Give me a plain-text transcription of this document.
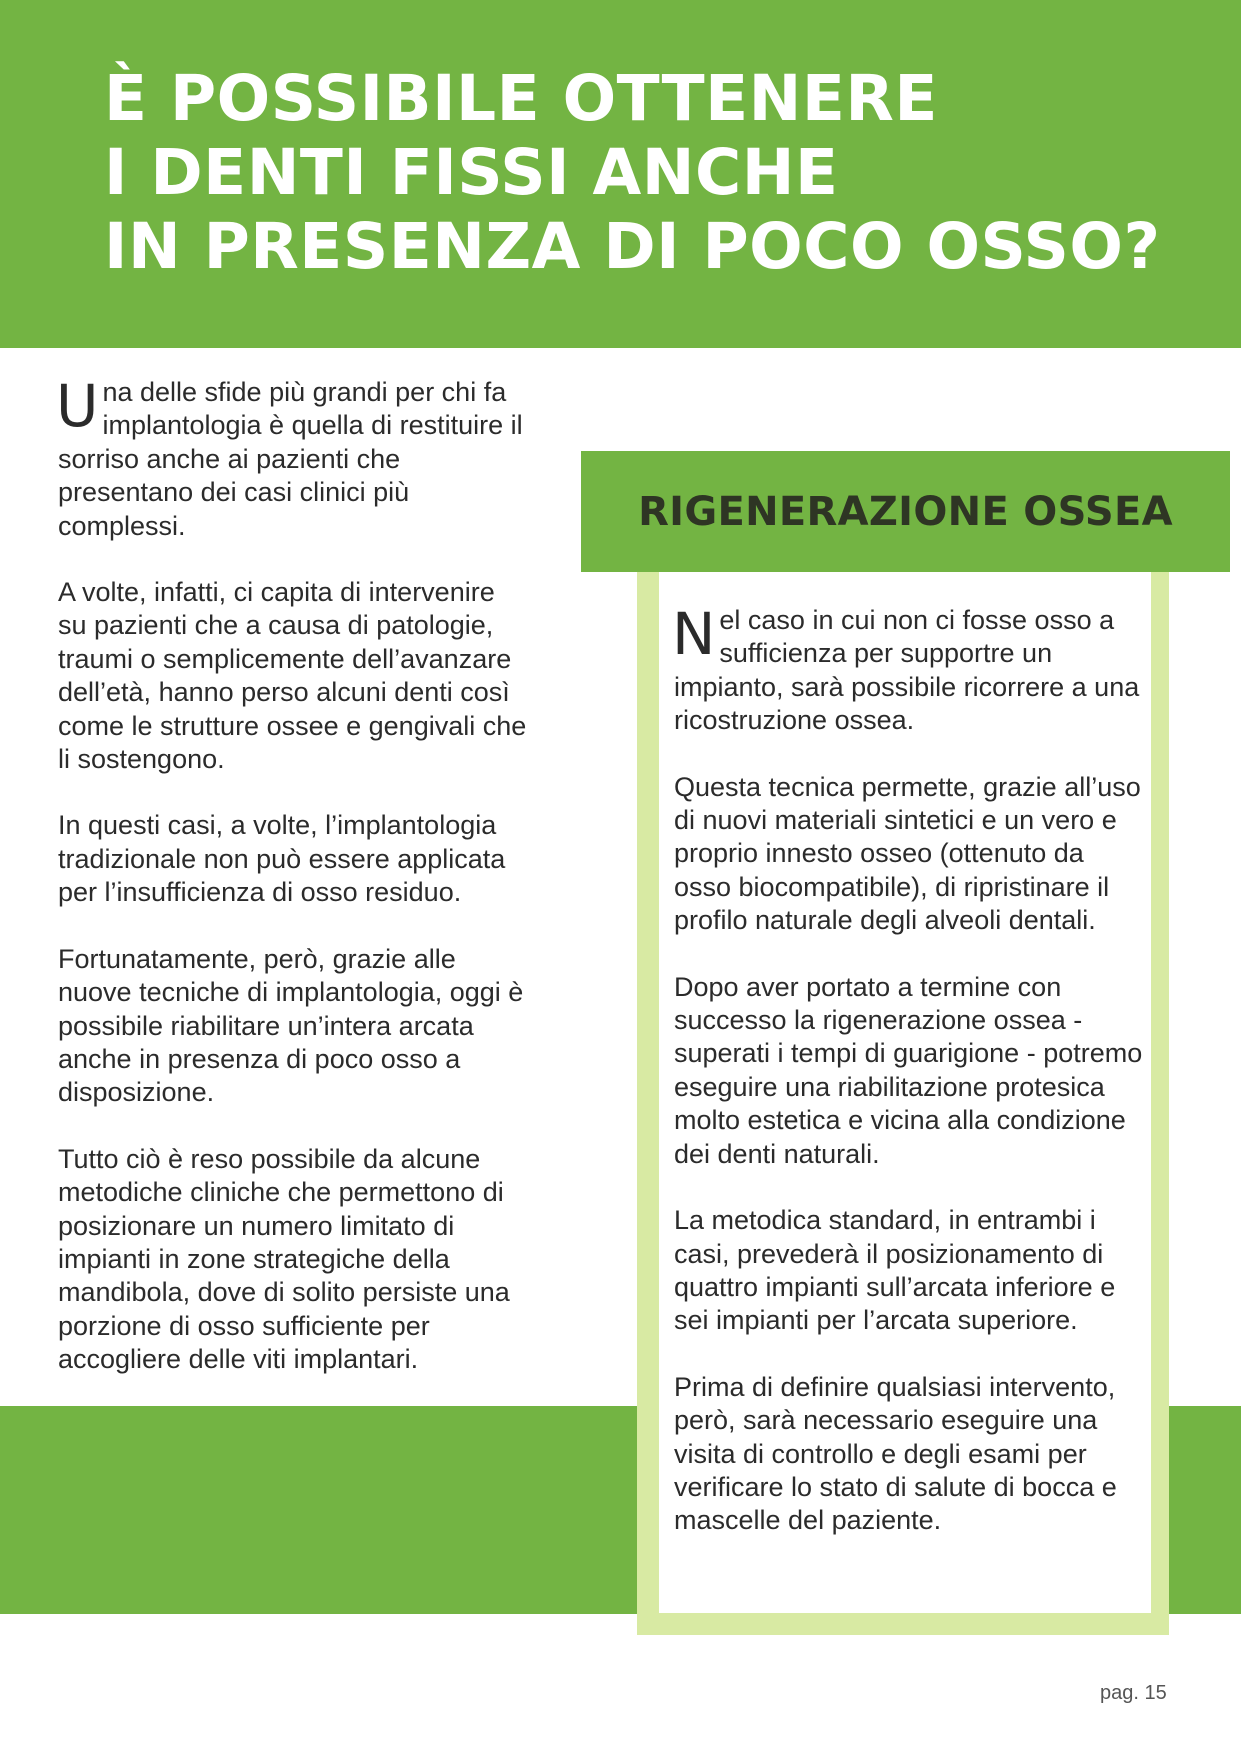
È POSSIBILE OTTENERE
I DENTI FISSI ANCHE
IN PRESENZA DI POCO OSSO?

Una delle sfide più grandi per chi fa implantologia è quella di restituire il sorriso anche ai pazienti che presentano dei casi clinici più complessi.

A volte, infatti, ci capita di intervenire su pazienti che a causa di patologie, traumi o semplicemente dell’avanzare dell’età, hanno perso alcuni denti così come le strutture ossee e gengivali che li sostengono.

In questi casi, a volte, l’implantologia tradizionale non può essere applicata per l’insufficienza di osso residuo.

Fortunatamente, però, grazie alle nuove tecniche di implantologia, oggi è possibile riabilitare un’intera arcata anche in presenza di poco osso a disposizione.

Tutto ciò è reso possibile da alcune metodiche cliniche che permettono di posizionare un numero limitato di impianti in zone strategiche della mandibola, dove di solito persiste una porzione di osso sufficiente per accogliere delle viti implantari.

RIGENERAZIONE OSSEA

Nel caso in cui non ci fosse osso a sufficienza per supportre un impianto, sarà possibile ricorrere a una ricostruzione ossea.

Questa tecnica permette, grazie all’uso di nuovi materiali sintetici e un vero e proprio innesto osseo (ottenuto da osso biocompatibile), di ripristinare il profilo naturale degli alveoli dentali.

Dopo aver portato a termine con successo la rigenerazione ossea - superati i tempi di guarigione - potremo eseguire una riabilitazione protesica molto estetica e vicina alla condizione dei denti naturali.

La metodica standard, in entrambi i casi, prevederà il posizionamento di quattro impianti sull’arcata inferiore e sei impianti per l’arcata superiore.

Prima di definire qualsiasi intervento, però, sarà necessario eseguire una visita di controllo e degli esami per verificare lo stato di salute di bocca e mascelle del paziente.

pag. 15
